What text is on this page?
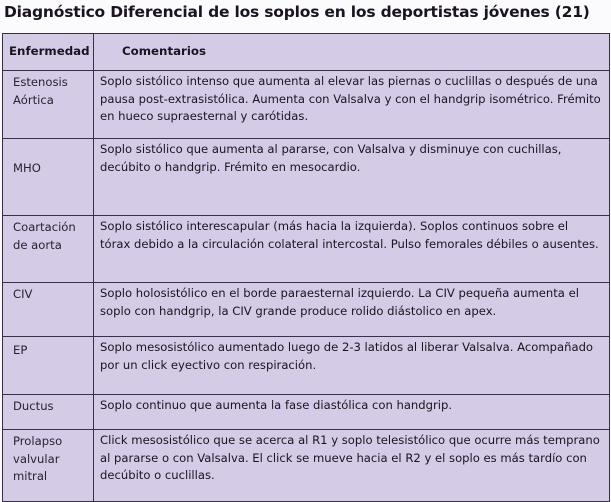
Diagnóstico Diferencial de los soplos en los deportistas jóvenes (21)
Enfermedad	Comentarios
Estenosis Aórtica	Soplo sistólico intenso que aumenta al elevar las piernas o cuclillas o después de una pausa post-extrasistólica. Aumenta con Valsalva y con el handgrip isométrico. Frémito en hueco supraesternal y carótidas.
MHO	Soplo sistólico que aumenta al pararse, con Valsalva y disminuye con cuchillas, decúbito o handgrip. Frémito en mesocardio.
Coartación de aorta	Soplo sistólico interescapular (más hacia la izquierda). Soplos continuos sobre el tórax debido a la circulación colateral intercostal. Pulso femorales débiles o ausentes.
CIV	Soplo holosistólico en el borde paraesternal izquierdo. La CIV pequeña aumenta el soplo con handgrip, la CIV grande produce rolido diástolico en apex.
EP	Soplo mesosistólico aumentado luego de 2-3 latidos al liberar Valsalva. Acompañado por un click eyectivo con respiración.
Ductus	Soplo continuo que aumenta la fase diastólica con handgrip.
Prolapso valvular mitral	Click mesosistólico que se acerca al R1 y soplo telesistólico que ocurre más temprano al pararse o con Valsalva. El click se mueve hacia el R2 y el soplo es más tardío con decúbito o cuclillas.
